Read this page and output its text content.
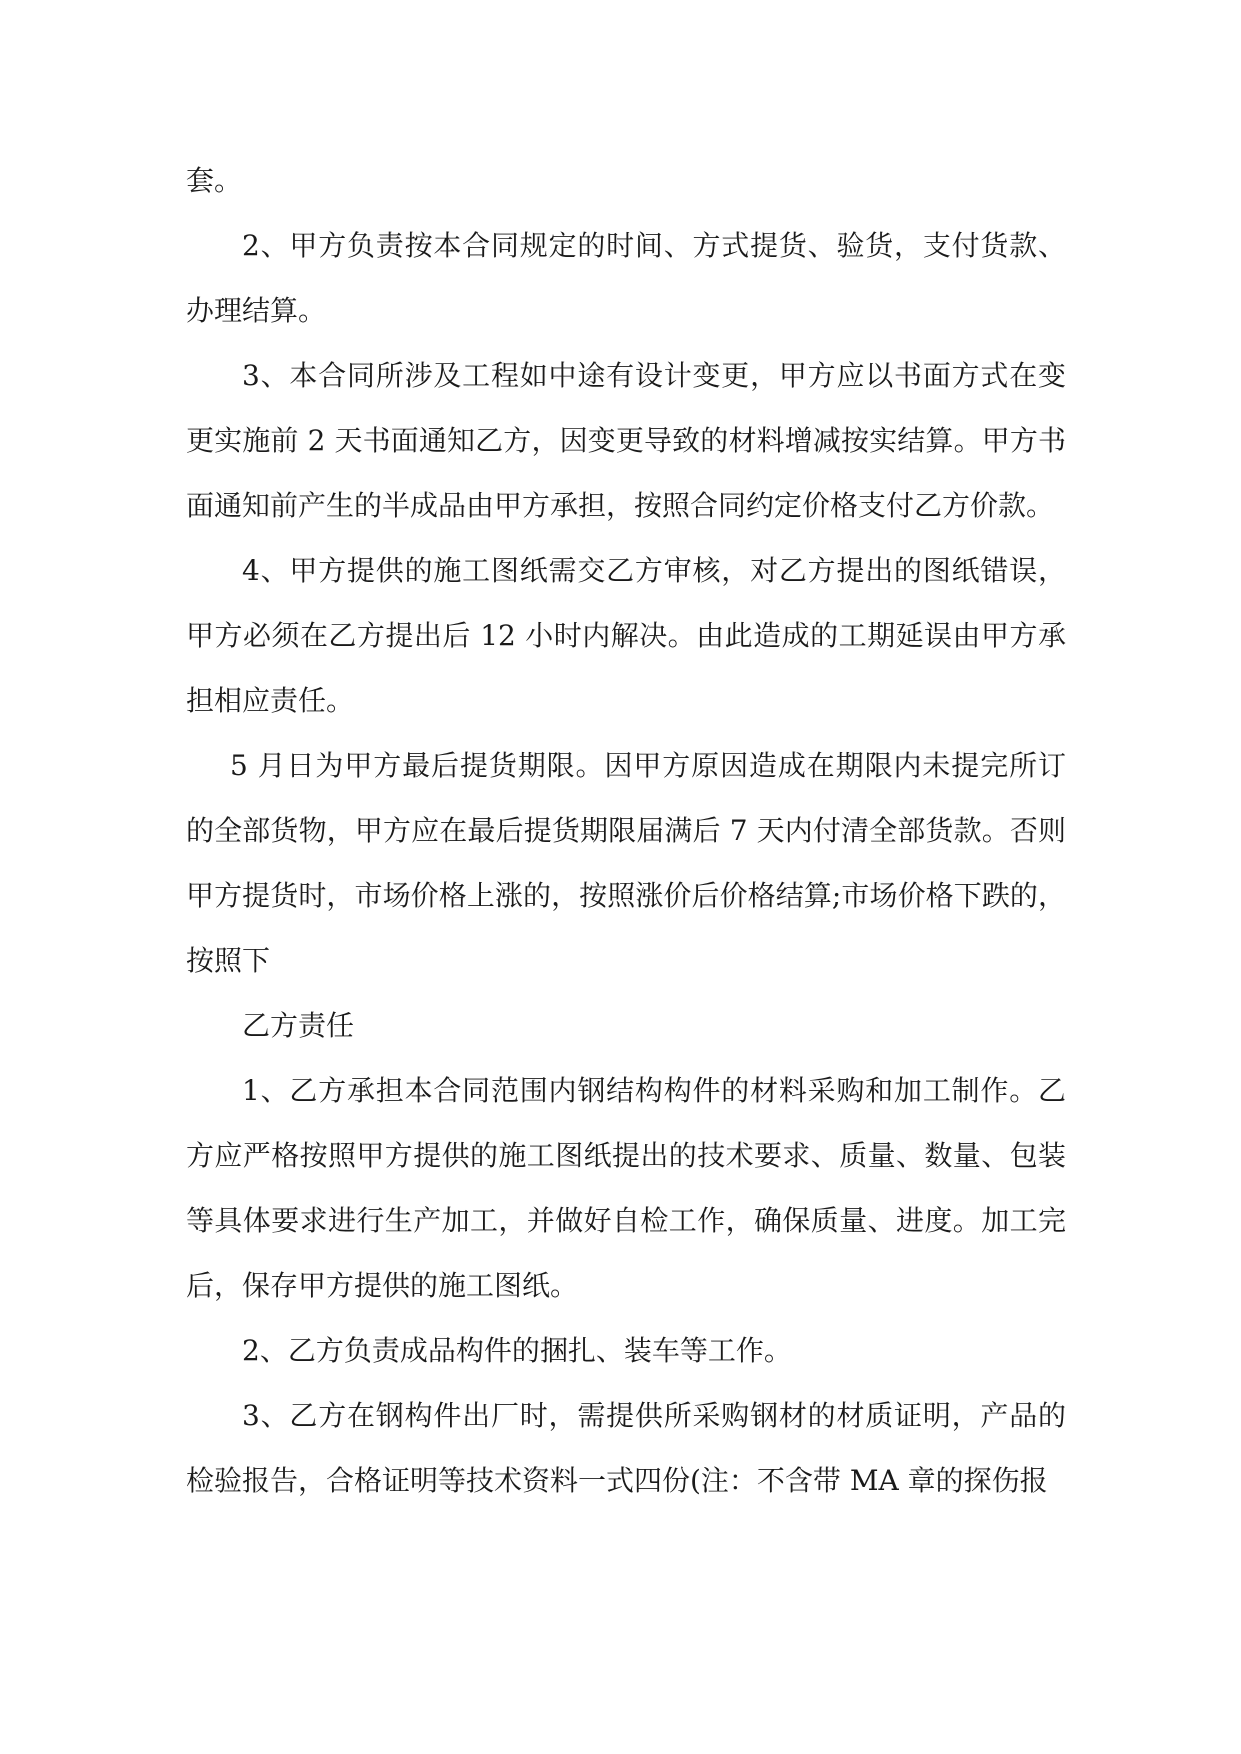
套。

2、甲方负责按本合同规定的时间、方式提货、验货，支付货款、办理结算。

3、本合同所涉及工程如中途有设计变更，甲方应以书面方式在变更实施前 2 天书面通知乙方，因变更导致的材料增减按实结算。甲方书面通知前产生的半成品由甲方承担，按照合同约定价格支付乙方价款。

4、甲方提供的施工图纸需交乙方审核，对乙方提出的图纸错误，甲方必须在乙方提出后 12 小时内解决。由此造成的工期延误由甲方承担相应责任。

5 月日为甲方最后提货期限。因甲方原因造成在期限内未提完所订的全部货物，甲方应在最后提货期限届满后 7 天内付清全部货款。否则甲方提货时，市场价格上涨的，按照涨价后价格结算;市场价格下跌的，按照下

乙方责任

1、乙方承担本合同范围内钢结构构件的材料采购和加工制作。乙方应严格按照甲方提供的施工图纸提出的技术要求、质量、数量、包装等具体要求进行生产加工，并做好自检工作，确保质量、进度。加工完后，保存甲方提供的施工图纸。

2、乙方负责成品构件的捆扎、装车等工作。

3、乙方在钢构件出厂时，需提供所采购钢材的材质证明，产品的检验报告，合格证明等技术资料一式四份(注：不含带 MA 章的探伤报
